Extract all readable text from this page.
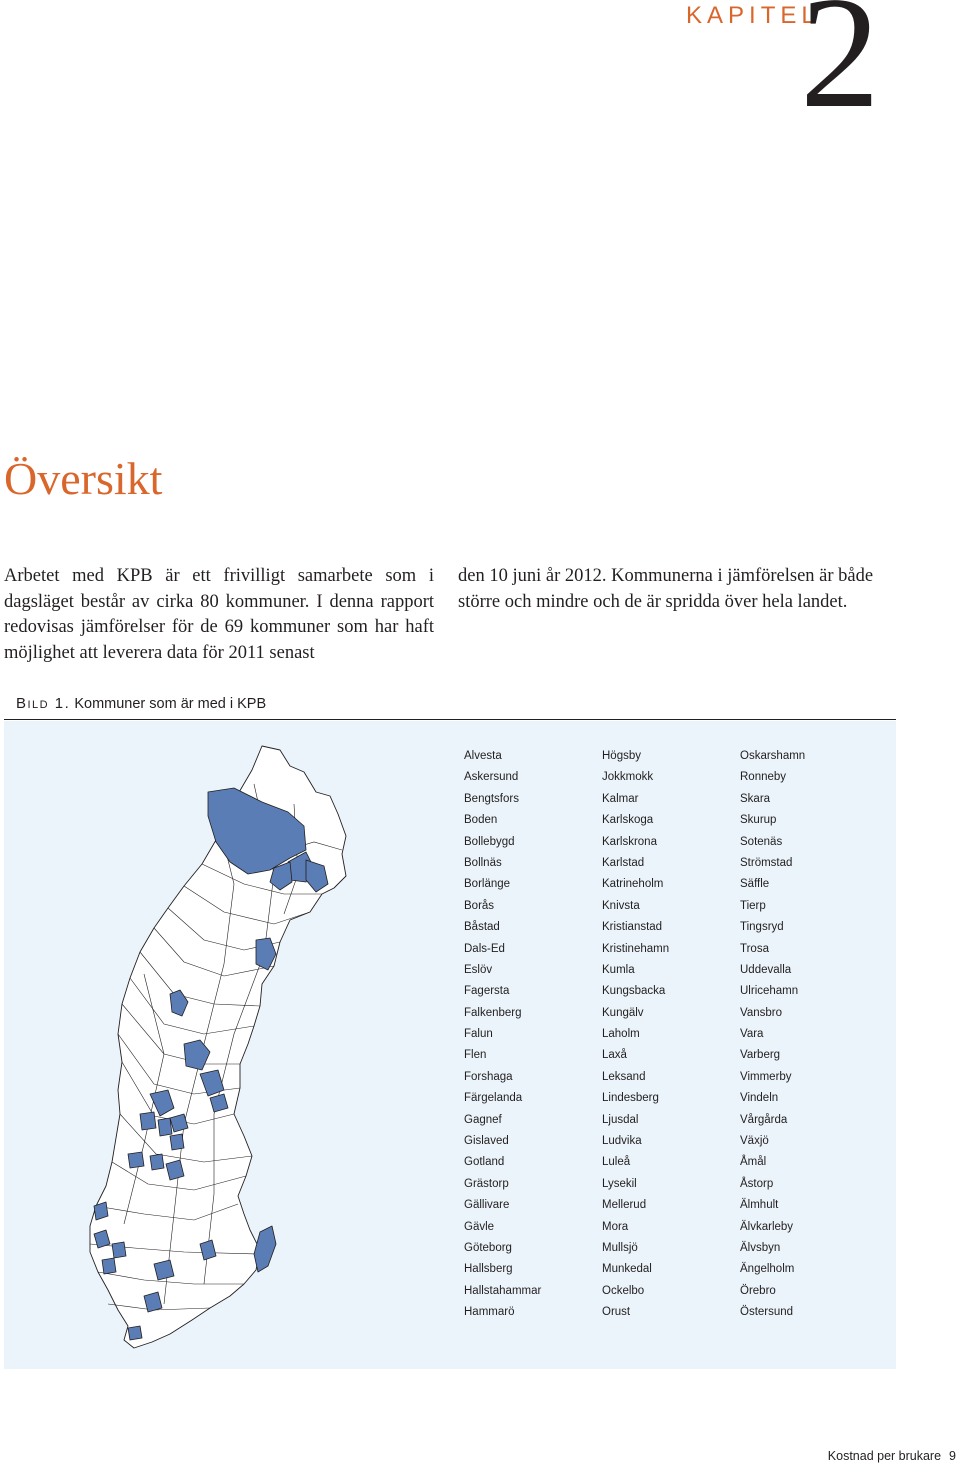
KAPITEL
2
Översikt

Arbetet med KPB är ett frivilligt samarbete som i dagsläget består av cirka 80 kommuner. I denna rapport redovisas jämförelser för de 69 kommuner som har haft möjlighet att leverera data för 2011 senast

den 10 juni år 2012. Kommunerna i jämförelsen är både större och mindre och de är spridda över hela landet.

Bild 1. Kommuner som är med i KPB
Alvesta
Askersund
Bengtsfors
Boden
Bollebygd
Bollnäs
Borlänge
Borås
Båstad
Dals-Ed
Eslöv
Fagersta
Falkenberg
Falun
Flen
Forshaga
Färgelanda
Gagnef
Gislaved
Gotland
Grästorp
Gällivare
Gävle
Göteborg
Hallsberg
Hallstahammar
Hammarö
Högsby
Jokkmokk
Kalmar
Karlskoga
Karlskrona
Karlstad
Katrineholm
Knivsta
Kristianstad
Kristinehamn
Kumla
Kungsbacka
Kungälv
Laholm
Laxå
Leksand
Lindesberg
Ljusdal
Ludvika
Luleå
Lysekil
Mellerud
Mora
Mullsjö
Munkedal
Ockelbo
Orust
Oskarshamn
Ronneby
Skara
Skurup
Sotenäs
Strömstad
Säffle
Tierp
Tingsryd
Trosa
Uddevalla
Ulricehamn
Vansbro
Vara
Varberg
Vimmerby
Vindeln
Vårgårda
Växjö
Åmål
Åstorp
Älmhult
Älvkarleby
Älvsbyn
Ängelholm
Örebro
Östersund
Kostnad per brukare 9
